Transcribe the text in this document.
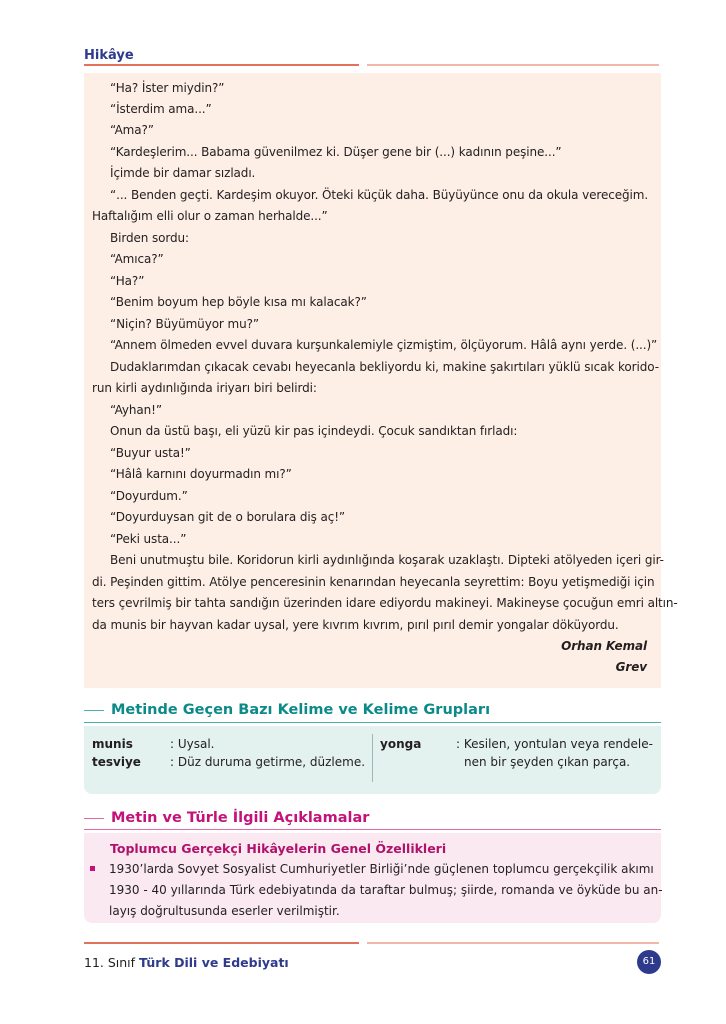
Hikâye
“Ha? İster miydin?”
“İsterdim ama...”
“Ama?”
“Kardeşlerim... Babama güvenilmez ki. Düşer gene bir (...) kadının peşine...”
İçimde bir damar sızladı.
“... Benden geçti. Kardeşim okuyor. Öteki küçük daha. Büyüyünce onu da okula vereceğim.
Haftalığım elli olur o zaman herhalde...”
Birden sordu:
“Amıca?”
“Ha?”
“Benim boyum hep böyle kısa mı kalacak?”
“Niçin? Büyümüyor mu?”
“Annem ölmeden evvel duvara kurşunkalemiyle çizmiştim, ölçüyorum. Hâlâ aynı yerde. (...)”
Dudaklarımdan çıkacak cevabı heyecanla bekliyordu ki, makine şakırtıları yüklü sıcak korido-
run kirli aydınlığında iriyarı biri belirdi:
“Ayhan!”
Onun da üstü başı, eli yüzü kir pas içindeydi. Çocuk sandıktan fırladı:
“Buyur usta!”
“Hâlâ karnını doyurmadın mı?”
“Doyurdum.”
“Doyurduysan git de o borulara diş aç!”
“Peki usta...”
Beni unutmuştu bile. Koridorun kirli aydınlığında koşarak uzaklaştı. Dipteki atölyeden içeri gir-
di. Peşinden gittim. Atölye penceresinin kenarından heyecanla seyrettim: Boyu yetişmediği için
ters çevrilmiş bir tahta sandığın üzerinden idare ediyordu makineyi. Makineyse çocuğun emri altın-
da munis bir hayvan kadar uysal, yere kıvrım kıvrım, pırıl pırıl demir yongalar döküyordu.
Orhan Kemal
Grev
Metinde Geçen Bazı Kelime ve Kelime Grupları
munis	: Uysal.
tesviye : Düz duruma getirme, düzleme.
yonga	: Kesilen, yontulan veya rendele-
nen bir şeyden çıkan parça.
Metin ve Türle İlgili Açıklamalar
Toplumcu Gerçekçi Hikâyelerin Genel Özellikleri
1930’larda Sovyet Sosyalist Cumhuriyetler Birliği’nde güçlenen toplumcu gerçekçilik akımı
1930 - 40 yıllarında Türk edebiyatında da taraftar bulmuş; şiirde, romanda ve öyküde bu an-
layış doğrultusunda eserler verilmiştir.
11. Sınıf Türk Dili ve Edebiyatı	61
